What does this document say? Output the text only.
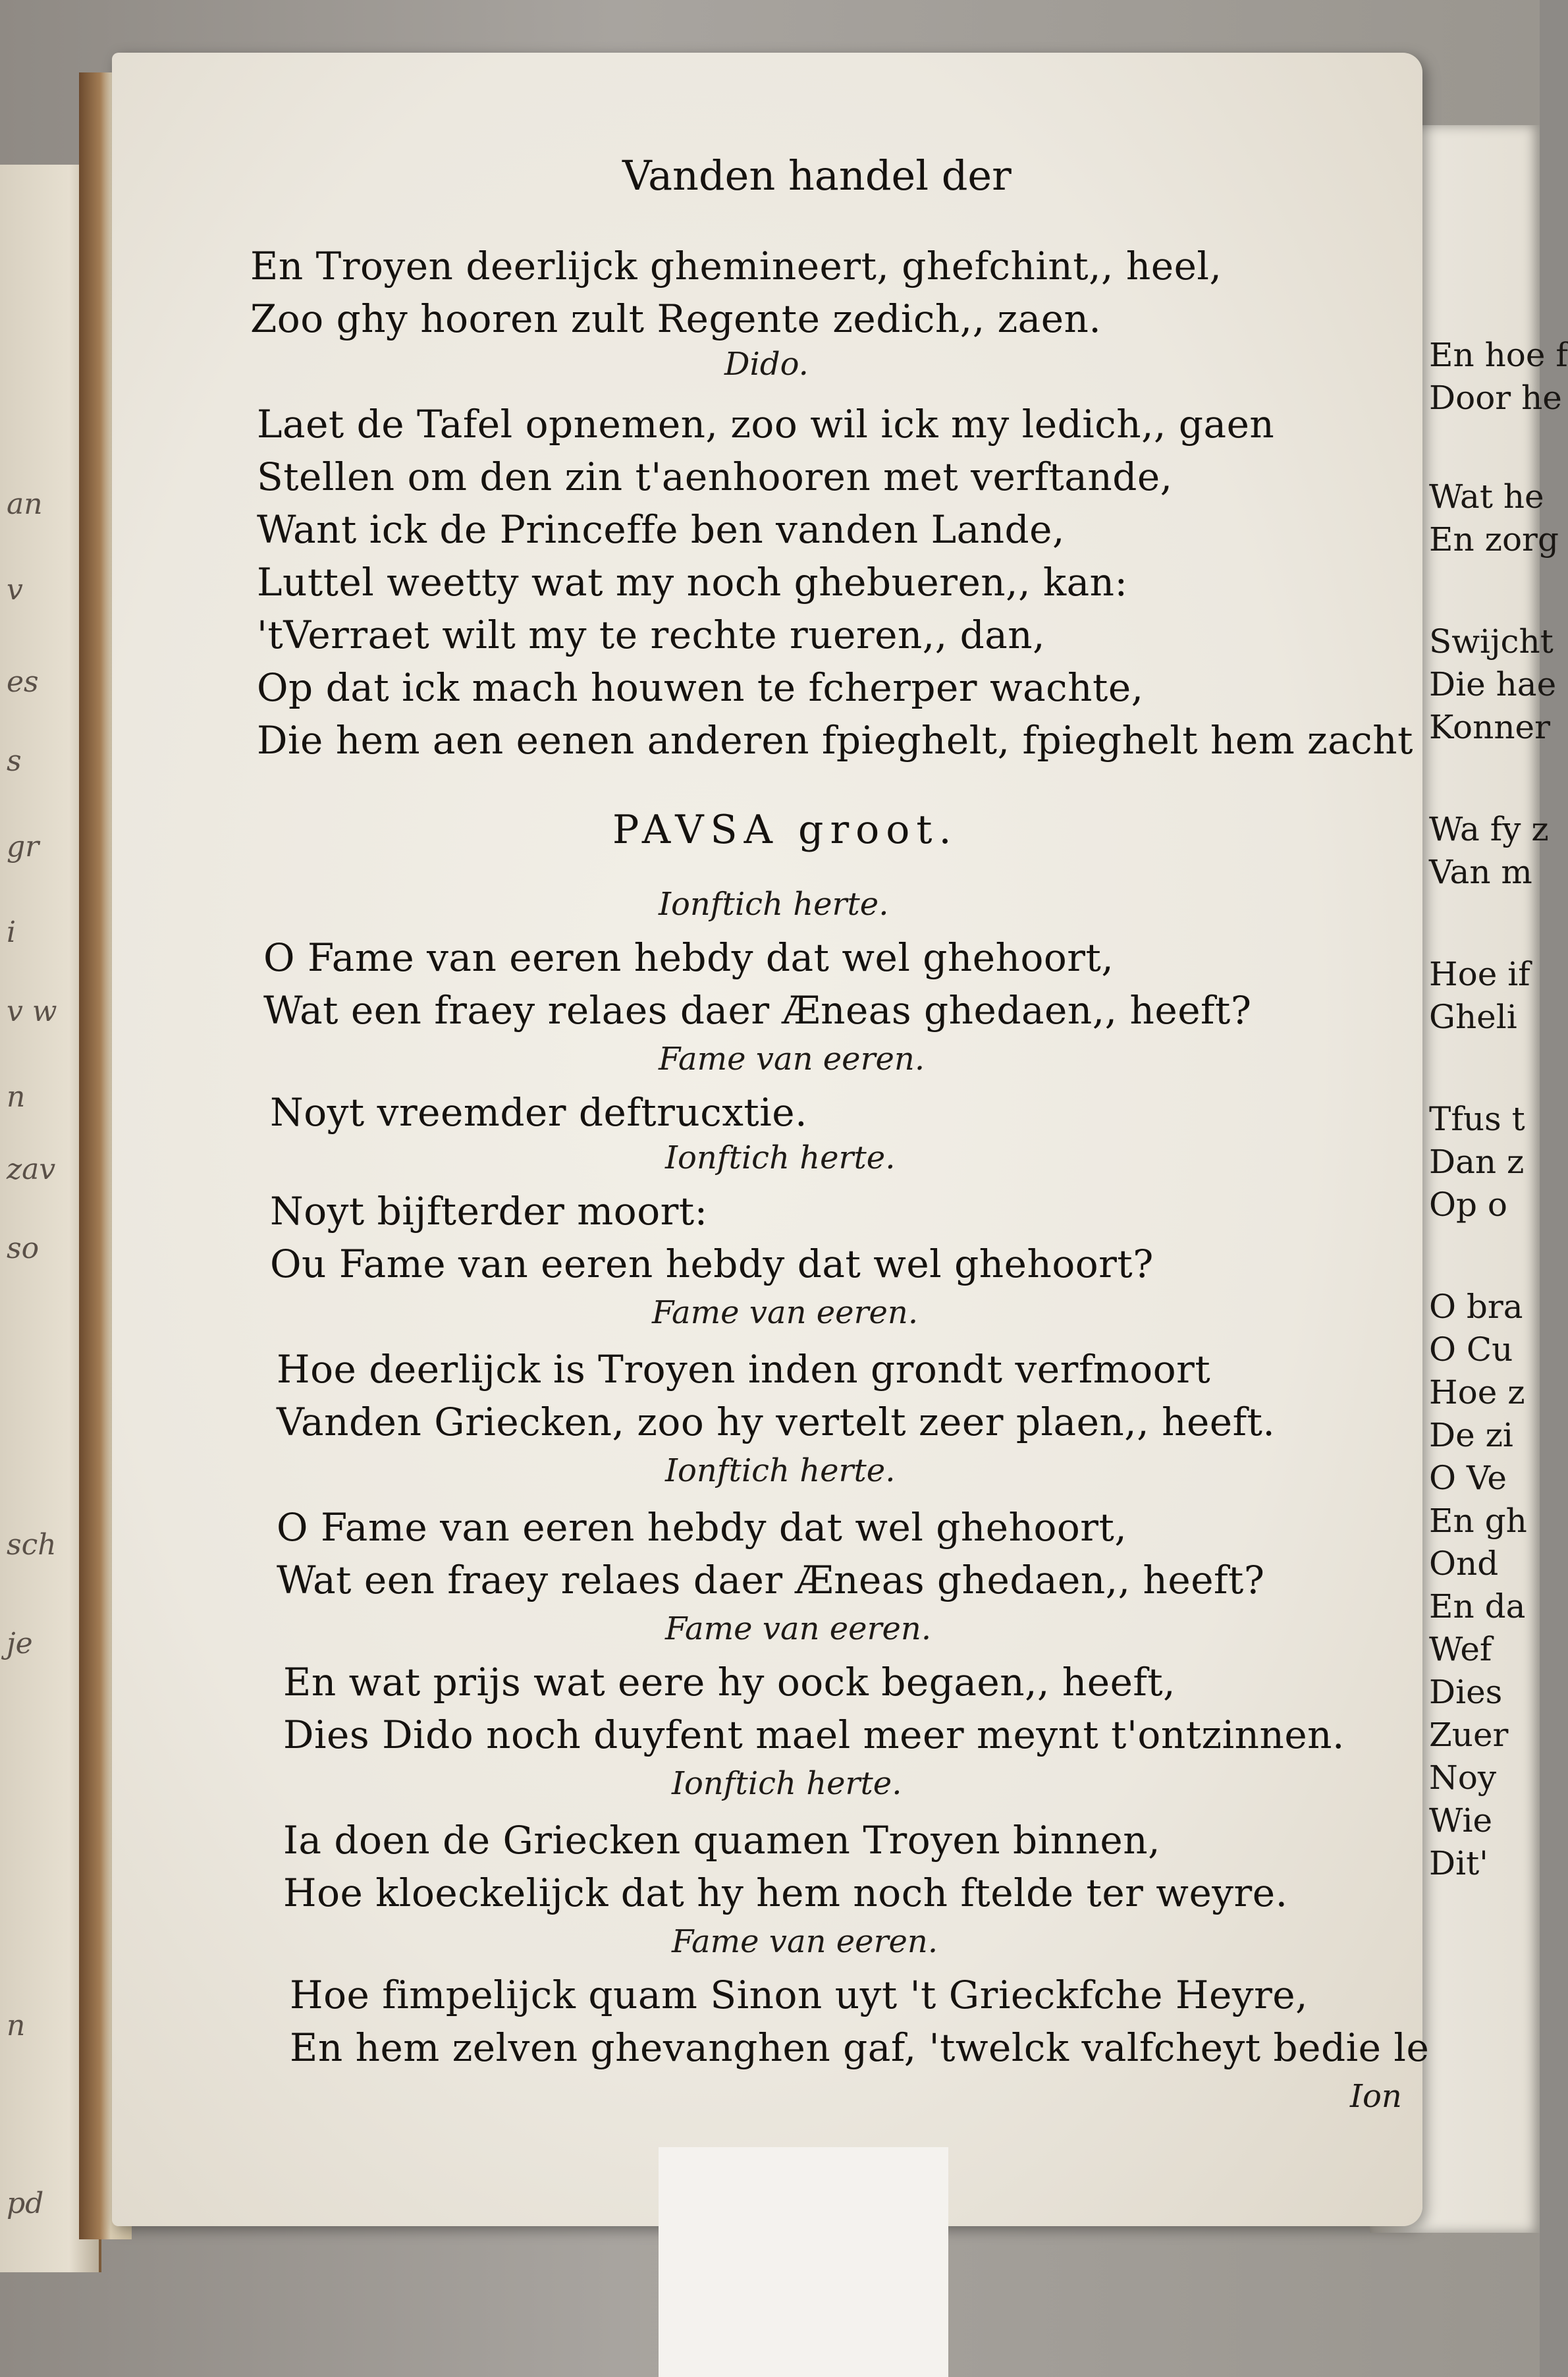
an
v
es
s
gr
i
v w
n
zav
so
sch
je
n
pd
En hoe f
Door he
Wat he
En zorg
Swijcht
Die hae
Konner
Wa fy z
Van m
Hoe if
Gheli
Tfus t
Dan z
Op o
O bra
O Cu
Hoe z
De zi
O Ve
En gh
Ond
En da
Wef
Dies
Zuer
Noy
Wie
Dit'
Vanden handel der
En Troyen deerlijck ghemineert, ghefchint,, heel,
Zoo ghy hooren zult Regente zedich,, zaen.
Dido.
Laet de Tafel opnemen, zoo wil ick my ledich,, gaen
Stellen om den zin t'aenhooren met verftande,
Want ick de Princeffe ben vanden Lande,
Luttel weetty wat my noch ghebueren,, kan:
'tVerraet wilt my te rechte rueren,, dan,
Op dat ick mach houwen te fcherper wachte,
Die hem aen eenen anderen fpieghelt, fpieghelt hem zacht
PAVSA groot.
Ionftich herte.
O Fame van eeren hebdy dat wel ghehoort,
Wat een fraey relaes daer Æneas ghedaen,, heeft?
Fame van eeren.
Noyt vreemder deftrucxtie.
Ionftich herte.
Noyt bijfterder moort:
Ou Fame van eeren hebdy dat wel ghehoort?
Fame van eeren.
Hoe deerlijck is Troyen inden grondt verfmoort
Vanden Griecken, zoo hy vertelt zeer plaen,, heeft.
Ionftich herte.
O Fame van eeren hebdy dat wel ghehoort,
Wat een fraey relaes daer Æneas ghedaen,, heeft?
Fame van eeren.
En wat prijs wat eere hy oock begaen,, heeft,
Dies Dido noch duyfent mael meer meynt t'ontzinnen.
Ionftich herte.
Ia doen de Griecken quamen Troyen binnen,
Hoe kloeckelijck dat hy hem noch ftelde ter weyre.
Fame van eeren.
Hoe fimpelijck quam Sinon uyt 't Grieckfche Heyre,
En hem zelven ghevanghen gaf, 'twelck valfcheyt bedie le
Ion
